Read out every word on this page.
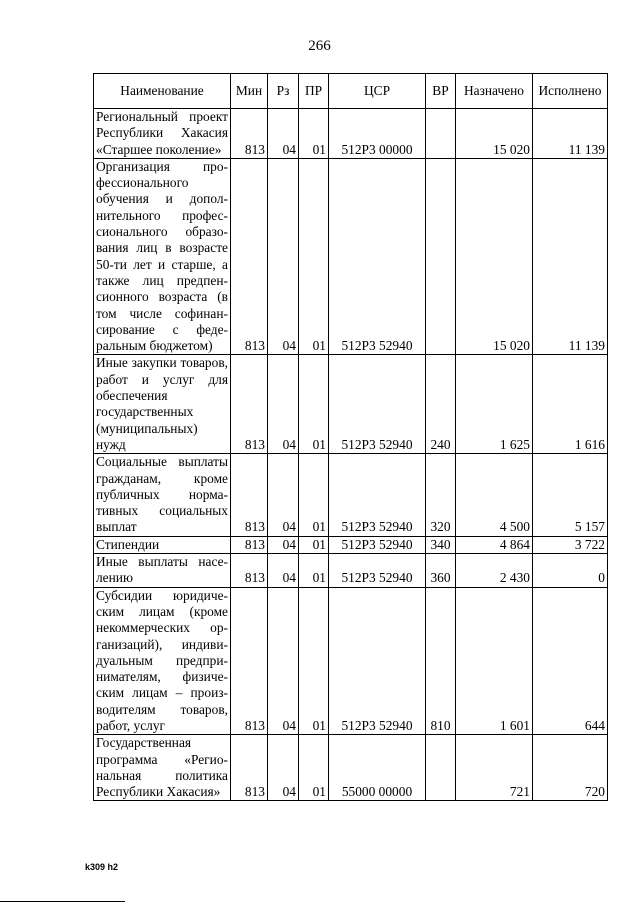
266
Наименование	Мин	Рз	ПР	ЦСР	ВР	Назначено	Исполнено
Региональный проект Республики Хакасия «Старшее поколение»	813	04	01	512P3 00000		15 020	11 139
Организация профессионального обучения и дополнительного профессионального образования лиц в возрасте 50-ти лет и старше, а также лиц предпенсионного возраста (в том числе софинансирование с федеральным бюджетом)	813	04	01	512P3 52940		15 020	11 139
Иные закупки товаров, работ и услуг для обеспечения государственных (муниципальных) нужд	813	04	01	512P3 52940	240	1 625	1 616
Социальные выплаты гражданам, кроме публичных нормативных социальных выплат	813	04	01	512P3 52940	320	4 500	5 157
Стипендии	813	04	01	512P3 52940	340	4 864	3 722
Иные выплаты населению	813	04	01	512P3 52940	360	2 430	0
Субсидии юридическим лицам (кроме некоммерческих организаций), индивидуальным предпринимателям, физическим лицам – производителям товаров, работ, услуг	813	04	01	512P3 52940	810	1 601	644
Государственная программа «Региональная политика Республики Хакасия»	813	04	01	55000 00000		721	720
k309 h2
